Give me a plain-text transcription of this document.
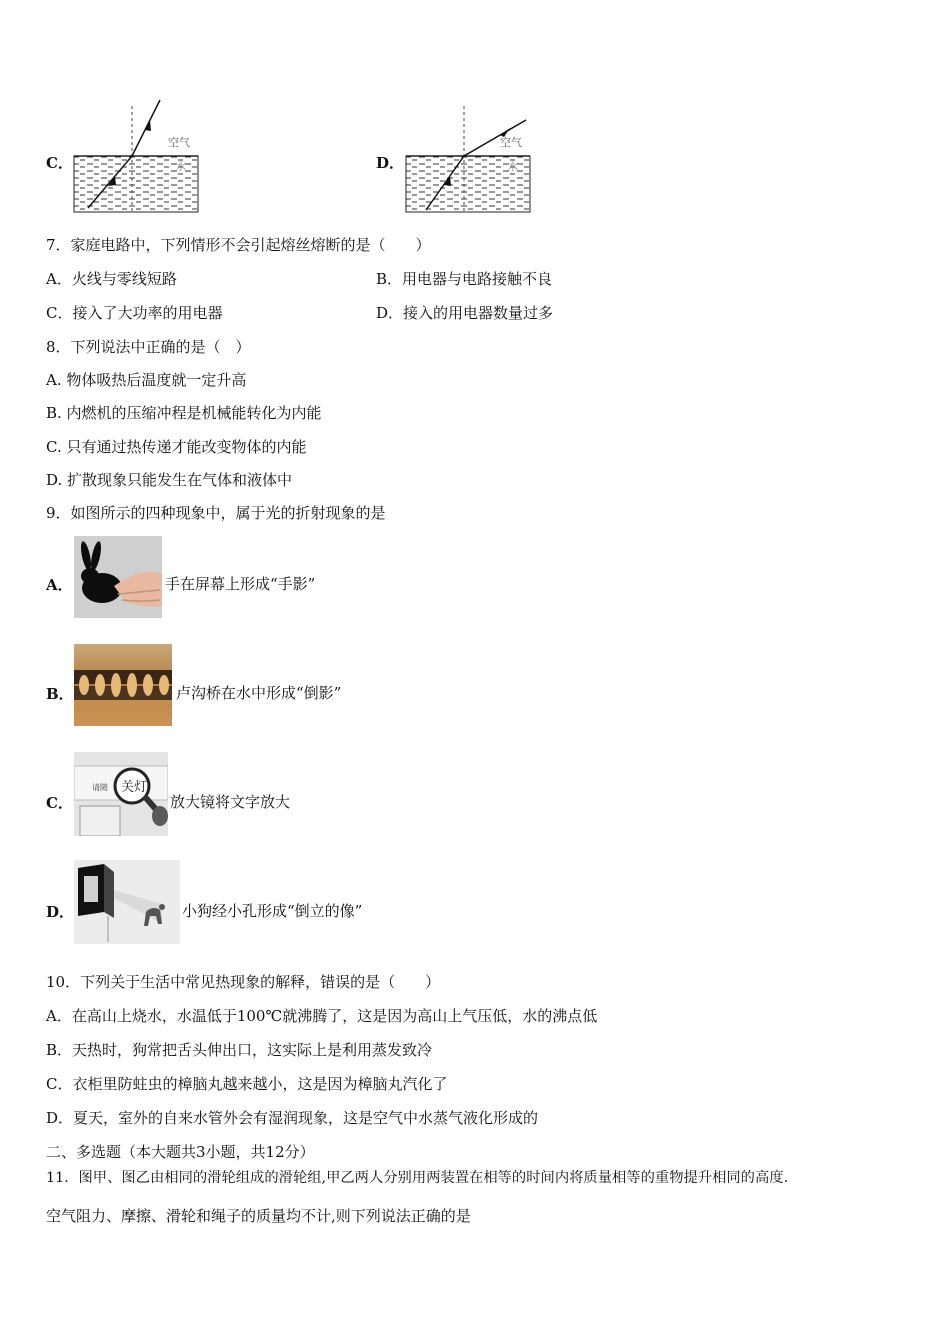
C．
空气
水	D．
空气
水
7．家庭电路中，下列情形不会引起熔丝熔断的是（　　）
A．火线与零线短路	B．用电器与电路接触不良
C．接入了大功率的用电器	D．接入的用电器数量过多
8．下列说法中正确的是（　）
A. 物体吸热后温度就一定升高
B. 内燃机的压缩冲程是机械能转化为内能
C. 只有通过热传递才能改变物体的内能
D. 扩散现象只能发生在气体和液体中
9．如图所示的四种现象中，属于光的折射现象的是
A．	手在屏幕上形成“手影”
B．	卢沟桥在水中形成“倒影”
C．
请随 关灯
放大镜将文字放大
D．	小狗经小孔形成“倒立的像”
10．下列关于生活中常见热现象的解释，错误的是（　　）
A．在高山上烧水，水温低于100℃就沸腾了，这是因为高山上气压低，水的沸点低
B．天热时，狗常把舌头伸出口，这实际上是利用蒸发致冷
C．衣柜里防蛀虫的樟脑丸越来越小，这是因为樟脑丸汽化了
D．夏天，室外的自来水管外会有湿润现象，这是空气中水蒸气液化形成的
二、多选题（本大题共3小题，共12分）
11．图甲、图乙由相同的滑轮组成的滑轮组,甲乙两人分别用两装置在相等的时间内将质量相等的重物提升相同的高度.
空气阻力、摩擦、滑轮和绳子的质量均不计,则下列说法正确的是
